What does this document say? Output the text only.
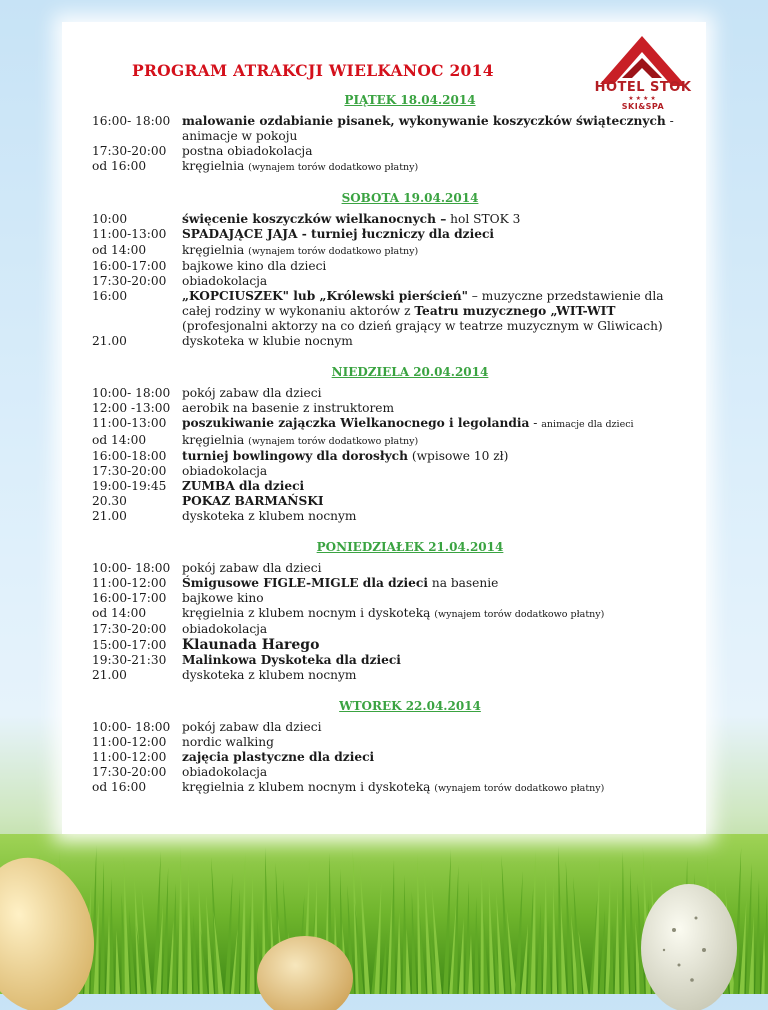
HOTEL STOK
★★★★
SKI&SPA
PROGRAM ATRAKCJI WIELKANOC 2014
PIĄTEK 18.04.2014
16:00- 18:00 malowanie ozdabianie pisanek, wykonywanie koszyczków świątecznych -
animacje w pokoju
17:30-20:00	postna obiadokolacja
od 16:00	kręgielnia (wynajem torów dodatkowo płatny)
SOBOTA 19.04.2014
10:00	święcenie koszyczków wielkanocnych – hol STOK 3
11:00-13:00	SPADAJĄCE JAJA - turniej łuczniczy dla dzieci
od 14:00	kręgielnia (wynajem torów dodatkowo płatny)
16:00-17:00	bajkowe kino dla dzieci
17:30-20:00	obiadokolacja
16:00	„KOPCIUSZEK" lub „Królewski pierścień" – muzyczne przedstawienie dla całej rodziny w wykonaniu aktorów z Teatru muzycznego „WIT-WIT (profesjonalni aktorzy na co dzień grający w teatrze muzycznym w Gliwicach)
21.00	dyskoteka w klubie nocnym
NIEDZIELA 20.04.2014
10:00- 18:00 pokój zabaw dla dzieci
12:00 -13:00 aerobik na basenie z instruktorem
11:00-13:00	poszukiwanie zajączka Wielkanocnego i legolandia - animacje dla dzieci
od 14:00	kręgielnia (wynajem torów dodatkowo płatny)
16:00-18:00	turniej bowlingowy dla dorosłych (wpisowe 10 zł)
17:30-20:00	obiadokolacja
19:00-19:45	ZUMBA dla dzieci
20.30	POKAZ BARMAŃSKI
21.00	dyskoteka z klubem nocnym
PONIEDZIAŁEK 21.04.2014
10:00- 18:00 pokój zabaw dla dzieci
11:00-12:00	Śmigusowe FIGLE-MIGLE dla dzieci na basenie
16:00-17:00	bajkowe kino
od 14:00	kręgielnia z klubem nocnym i dyskoteką (wynajem torów dodatkowo płatny)
17:30-20:00	obiadokolacja
15:00-17:00	Klaunada Harego
19:30-21:30	Malinkowa Dyskoteka dla dzieci
21.00	dyskoteka z klubem nocnym
WTOREK 22.04.2014
10:00- 18:00 pokój zabaw dla dzieci
11:00-12:00	nordic walking
11:00-12:00	zajęcia plastyczne dla dzieci
17:30-20:00	obiadokolacja
od 16:00	kręgielnia z klubem nocnym i dyskoteką (wynajem torów dodatkowo płatny)
